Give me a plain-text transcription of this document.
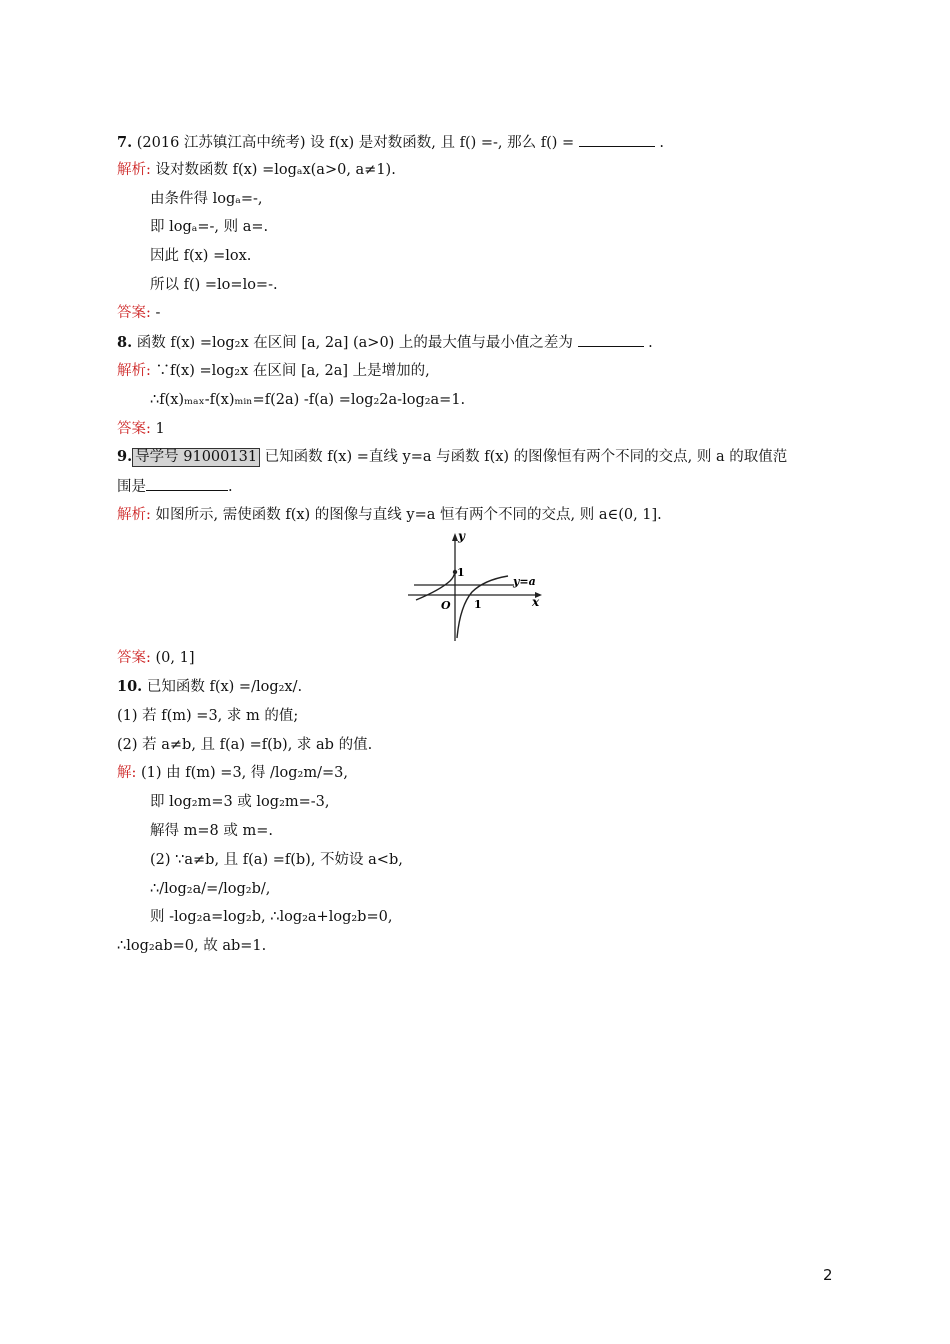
7. (2016 江苏镇江高中统考) 设 f(x) 是对数函数, 且 f() =-, 那么 f() =	.
解析: 设对数函数 f(x) =logₐx(a>0, a≠1).
由条件得 logₐ=-,
即 logₐ=-, 则 a=.
因此 f(x) =lox.
所以 f() =lo=lo=-.
答案: -
8. 函数 f(x) =log₂x 在区间 [a, 2a] (a>0) 上的最大值与最小值之差为	.
解析: ∵f(x) =log₂x 在区间 [a, 2a] 上是增加的,
∴f(x)ₘₐₓ-f(x)ₘᵢₙ=f(2a) -f(a) =log₂2a-log₂a=1.
答案: 1
9. 导学号 91000131 已知函数 f(x) =直线 y=a 与函数 f(x) 的图像恒有两个不同的交点, 则 a 的取值范
围是	.
解析: 如图所示, 需使函数 f(x) 的图像与直线 y=a 恒有两个不同的交点, 则 a∈(0, 1].
y
x
O
1
1
y=a
答案: (0, 1]
10. 已知函数 f(x) =/log₂x/.
(1) 若 f(m) =3, 求 m 的值;
(2) 若 a≠b, 且 f(a) =f(b), 求 ab 的值.
解: (1) 由 f(m) =3, 得 /log₂m/=3,
即 log₂m=3 或 log₂m=-3,
解得 m=8 或 m=.
(2) ∵a≠b, 且 f(a) =f(b), 不妨设 a<b,
∴/log₂a/=/log₂b/,
则 -log₂a=log₂b, ∴log₂a+log₂b=0,
∴log₂ab=0, 故 ab=1.
2
